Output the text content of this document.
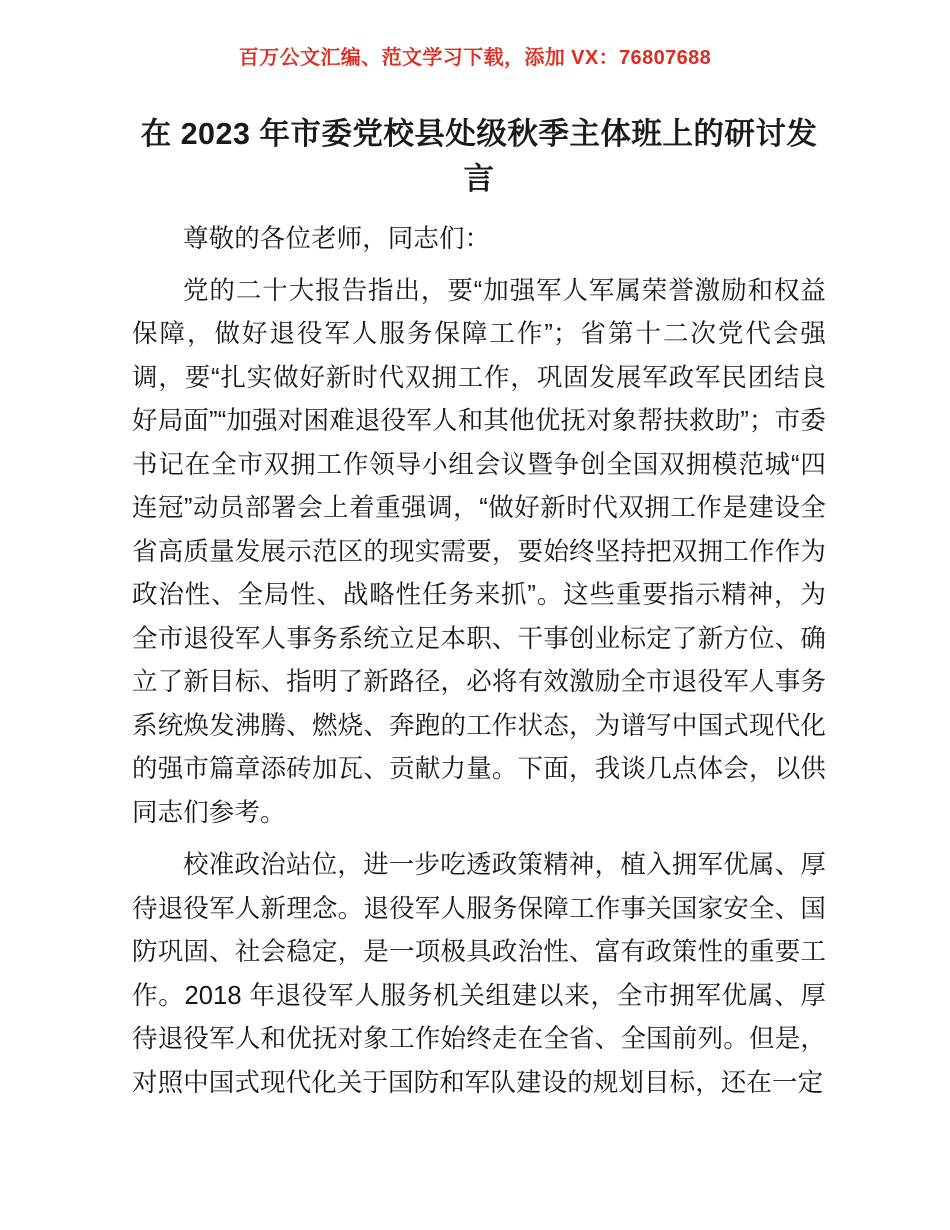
百万公文汇编、范文学习下载，添加 VX：76807688
在 2023 年市委党校县处级秋季主体班上的研讨发言

尊敬的各位老师，同志们：

党的二十大报告指出，要“加强军人军属荣誉激励和权益保障，做好退役军人服务保障工作”；省第十二次党代会强调，要“扎实做好新时代双拥工作，巩固发展军政军民团结良好局面”“加强对困难退役军人和其他优抚对象帮扶救助”；市委书记在全市双拥工作领导小组会议暨争创全国双拥模范城“四连冠”动员部署会上着重强调，“做好新时代双拥工作是建设全省高质量发展示范区的现实需要，要始终坚持把双拥工作作为政治性、全局性、战略性任务来抓”。这些重要指示精神，为全市退役军人事务系统立足本职、干事创业标定了新方位、确立了新目标、指明了新路径，必将有效激励全市退役军人事务系统焕发沸腾、燃烧、奔跑的工作状态，为谱写中国式现代化的强市篇章添砖加瓦、贡献力量。下面，我谈几点体会，以供同志们参考。

校准政治站位，进一步吃透政策精神，植入拥军优属、厚待退役军人新理念。退役军人服务保障工作事关国家安全、国防巩固、社会稳定，是一项极具政治性、富有政策性的重要工作。2018 年退役军人服务机关组建以来，全市拥军优属、厚待退役军人和优抚对象工作始终走在全省、全国前列。但是，对照中国式现代化关于国防和军队建设的规划目标，还在一定
